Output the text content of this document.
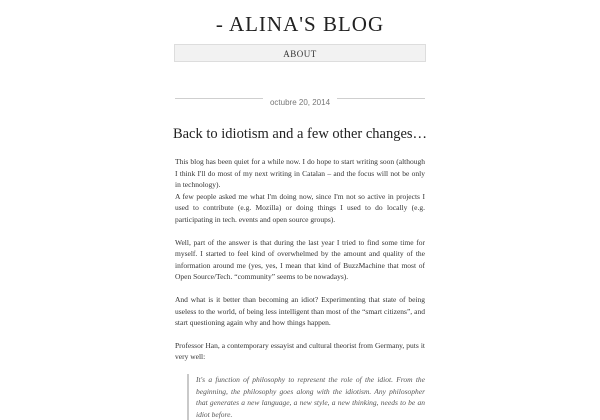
- ALINA'S BLOG
ABOUT
octubre 20, 2014
Back to idiotism and a few other changes…

This blog has been quiet for a while now. I do hope to start writing soon (although I think I'll do most of my next writing in Catalan – and the focus will not be only in technology).
A few people asked me what I'm doing now, since I'm not so active in projects I used to contribute (e.g. Mozilla) or doing things I used to do locally (e.g. participating in tech. events and open source groups).

Well, part of the answer is that during the last year I tried to find some time for myself. I started to feel kind of overwhelmed by the amount and quality of the information around me (yes, yes, I mean that kind of BuzzMachine that most of Open Source/Tech. “community” seems to be nowadays).

And what is it better than becoming an idiot? Experimenting that state of being useless to the world, of being less intelligent than most of the “smart citizens”, and start questioning again why and how things happen.

Professor Han, a contemporary essayist and cultural theorist from Germany, puts it very well:

It's a function of philosophy to represent the role of the idiot. From the beginning, the philosophy goes along with the idiotism. Any philosopher that generates a new language, a new style, a new thinking, needs to be an idiot before.
